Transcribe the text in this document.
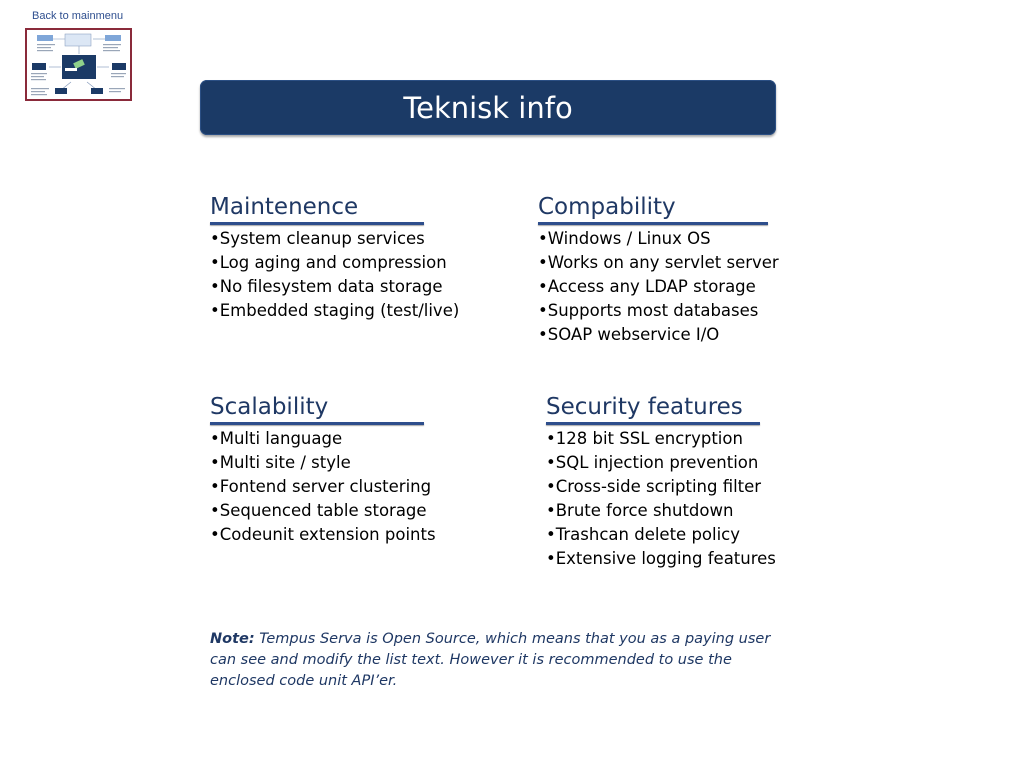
Back to mainmenu
Teknisk info
Maintenence
•System cleanup services
•Log aging and compression
•No filesystem data storage
•Embedded staging (test/live)
Compability
•Windows / Linux OS
•Works on any servlet server
•Access any LDAP storage
•Supports most databases
•SOAP webservice I/O
Scalability
•Multi language
•Multi site / style
•Fontend server clustering
•Sequenced table storage
•Codeunit extension points
Security features
•128 bit SSL encryption
•SQL injection prevention
•Cross-side scripting filter
•Brute force shutdown
•Trashcan delete policy
•Extensive logging features
Note: Tempus Serva is Open Source, which means that you as a paying user can see and modify the list text. However it is recommended to use the enclosed code unit API’er.
